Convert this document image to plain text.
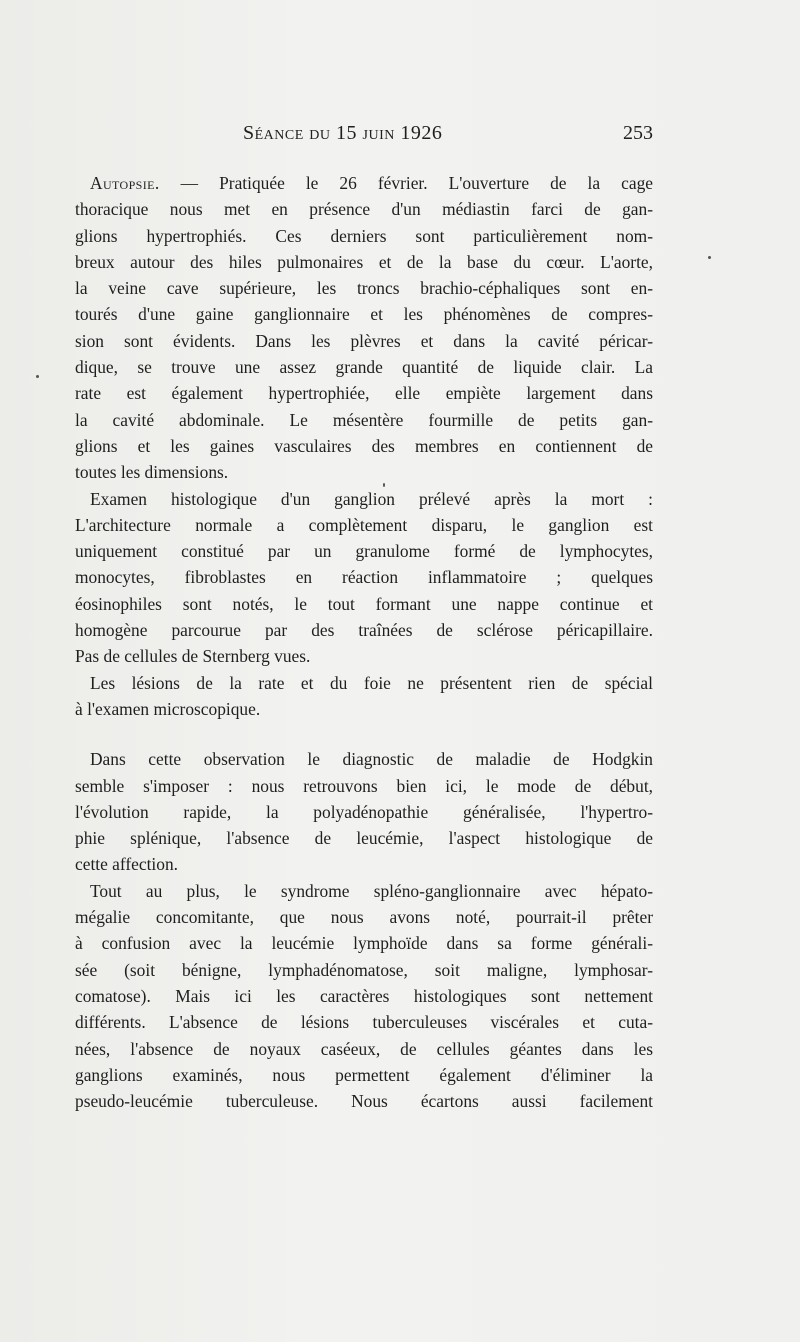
Séance du 15 juin 1926	253
Autopsie. — Pratiquée le 26 février. L'ouverture de la cage
thoracique nous met en présence d'un médiastin farci de gan-
glions hypertrophiés. Ces derniers sont particulièrement nom-
breux autour des hiles pulmonaires et de la base du cœur. L'aorte,
la veine cave supérieure, les troncs brachio-céphaliques sont en-
tourés d'une gaine ganglionnaire et les phénomènes de compres-
sion sont évidents. Dans les plèvres et dans la cavité péricar-
dique, se trouve une assez grande quantité de liquide clair. La
rate est également hypertrophiée, elle empiète largement dans
la cavité abdominale. Le mésentère fourmille de petits gan-
glions et les gaines vasculaires des membres en contiennent de
toutes les dimensions.
Examen histologique d'un ganglion prélevé après la mort :
L'architecture normale a complètement disparu, le ganglion est
uniquement constitué par un granulome formé de lymphocytes,
monocytes, fibroblastes en réaction inflammatoire ; quelques
éosinophiles sont notés, le tout formant une nappe continue et
homogène parcourue par des traînées de sclérose péricapillaire.
Pas de cellules de Sternberg vues.
Les lésions de la rate et du foie ne présentent rien de spécial
à l'examen microscopique.
Dans cette observation le diagnostic de maladie de Hodgkin
semble s'imposer : nous retrouvons bien ici, le mode de début,
l'évolution rapide, la polyadénopathie généralisée, l'hypertro-
phie splénique, l'absence de leucémie, l'aspect histologique de
cette affection.
Tout au plus, le syndrome spléno-ganglionnaire avec hépato-
mégalie concomitante, que nous avons noté, pourrait-il prêter
à confusion avec la leucémie lymphoïde dans sa forme générali-
sée (soit bénigne, lymphadénomatose, soit maligne, lymphosar-
comatose). Mais ici les caractères histologiques sont nettement
différents. L'absence de lésions tuberculeuses viscérales et cuta-
nées, l'absence de noyaux caséeux, de cellules géantes dans les
ganglions examinés, nous permettent également d'éliminer la
pseudo-leucémie tuberculeuse. Nous écartons aussi facilement
